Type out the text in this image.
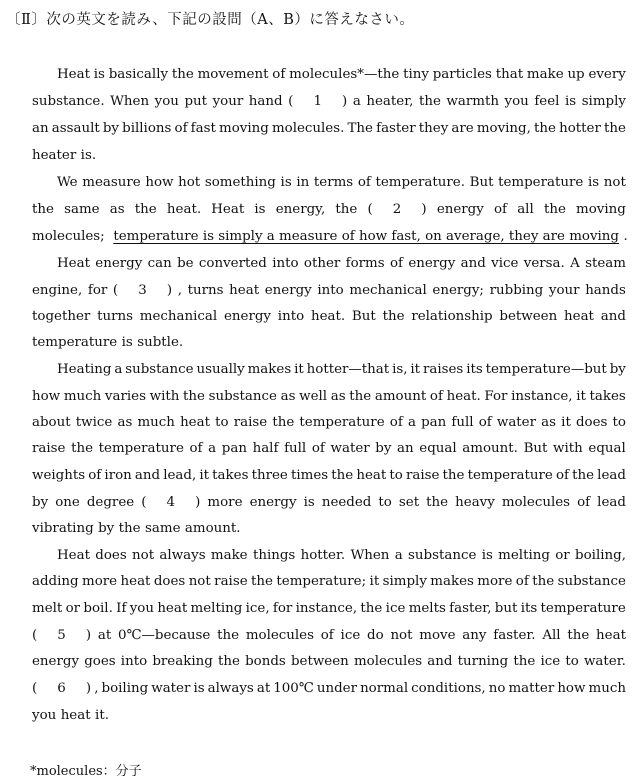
〔Ⅱ〕次の英文を読み、下記の設問（A、B）に答えなさい。
Heat is basically the movement of molecules*—the tiny particles that make up every
substance. When you put your hand (  1  ) a heater, the warmth you feel is simply
an assault by billions of fast moving molecules. The faster they are moving, the hotter the
heater is.
We measure how hot something is in terms of temperature. But temperature is not
the same as the heat. Heat is energy, the (  2  ) energy of all the moving
molecules; temperature is simply a measure of how fast, on average, they are moving .
Heat energy can be converted into other forms of energy and vice versa. A steam
engine, for (  3  ) , turns heat energy into mechanical energy; rubbing your hands
together turns mechanical energy into heat. But the relationship between heat and
temperature is subtle.
Heating a substance usually makes it hotter—that is, it raises its temperature—but by
how much varies with the substance as well as the amount of heat. For instance, it takes
about twice as much heat to raise the temperature of a pan full of water as it does to
raise the temperature of a pan half full of water by an equal amount. But with equal
weights of iron and lead, it takes three times the heat to raise the temperature of the lead
by one degree (  4  ) more energy is needed to set the heavy molecules of lead
vibrating by the same amount.
Heat does not always make things hotter. When a substance is melting or boiling,
adding more heat does not raise the temperature; it simply makes more of the substance
melt or boil. If you heat melting ice, for instance, the ice melts faster, but its temperature
(  5  ) at 0℃—because the molecules of ice do not move any faster. All the heat
energy goes into breaking the bonds between molecules and turning the ice to water.
(  6  ) , boiling water is always at 100℃ under normal conditions, no matter how much
you heat it.
*molecules：分子
